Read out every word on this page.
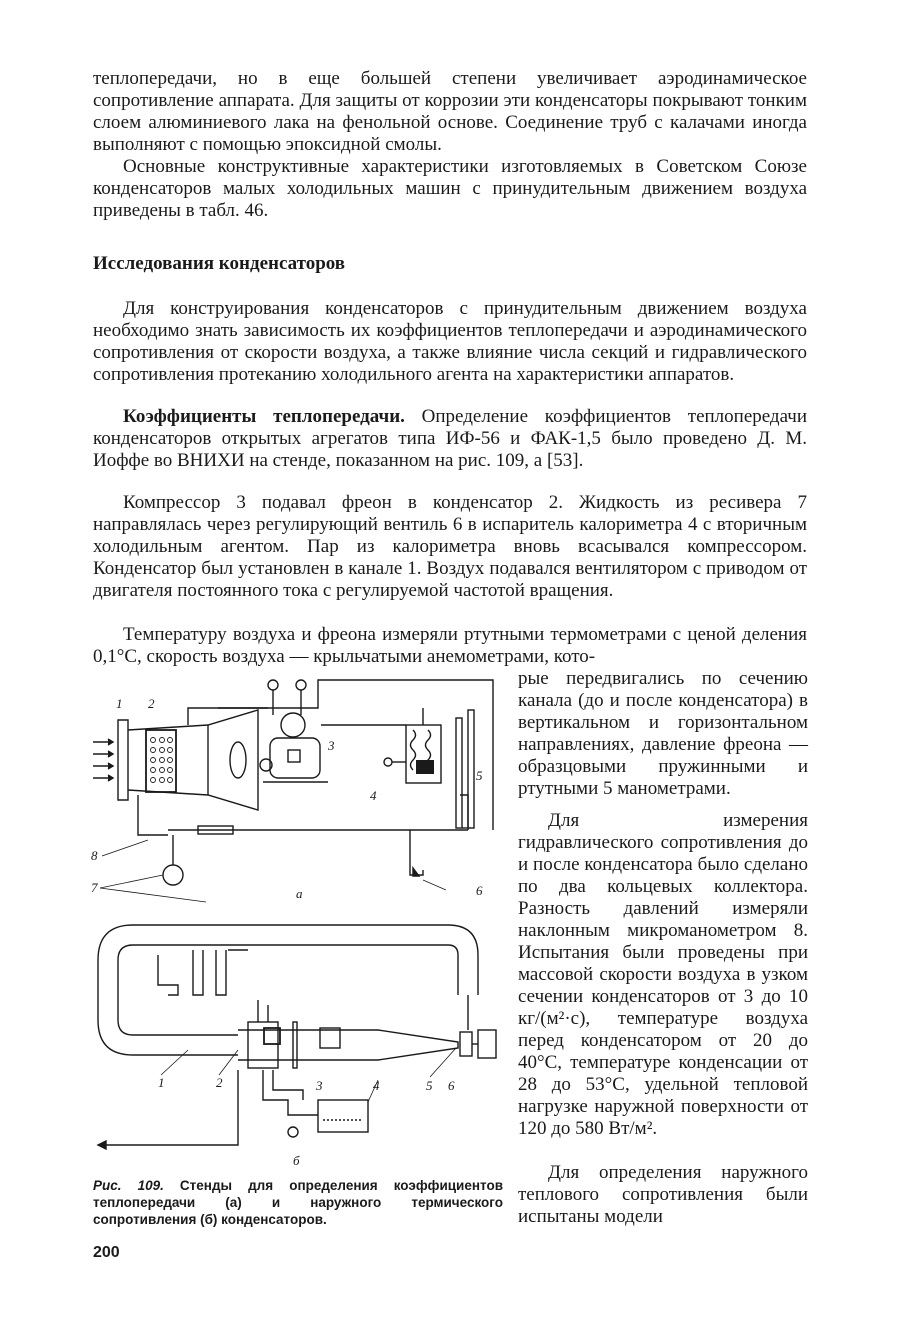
теплопередачи, но в еще большей степени увеличивает аэродинамическое сопротивление аппарата. Для защиты от коррозии эти конденсаторы покрывают тонким слоем алюминиевого лака на фенольной основе. Соединение труб с калачами иногда выполняют с помощью эпоксидной смолы.

Основные конструктивные характеристики изготовляемых в Советском Союзе конденсаторов малых холодильных машин с принудительным движением воздуха приведены в табл. 46.

Исследования конденсаторов

Для конструирования конденсаторов с принудительным движением воздуха необходимо знать зависимость их коэффициентов теплопередачи и аэродинамического сопротивления от скорости воздуха, а также влияние числа секций и гидравлического сопротивления протеканию холодильного агента на характеристики аппаратов.

Коэффициенты теплопередачи. Определение коэффициентов теплопередачи конденсаторов открытых агрегатов типа ИФ-56 и ФАК-1,5 было проведено Д. М. Иоффе во ВНИХИ на стенде, показанном на рис. 109, а [53].

Компрессор 3 подавал фреон в конденсатор 2. Жидкость из ресивера 7 направлялась через регулирующий вентиль 6 в испаритель калориметра 4 с вторичным холодильным агентом. Пар из калориметра вновь всасывался компрессором. Конденсатор был установлен в канале 1. Воздух подавался вентилятором с приводом от двигателя постоянного тока с регулируемой частотой вращения.

Температуру воздуха и фреона измеряли ртутными термометрами с ценой деления 0,1°С, скорость воздуха — крыльчатыми анемометрами, кото-

рые передвигались по сечению канала (до и после конденсатора) в вертикальном и горизонтальном направлениях, давление фреона — образцовыми пружинными и ртутными 5 манометрами.

Для измерения гидравлического сопротивления до и после конденсатора было сделано по два кольцевых коллектора. Разность давлений измеряли наклонным микроманометром 8. Испытания были проведены при массовой скорости воздуха в узком сечении конденсаторов от 3 до 10 кг/(м²·с), температуре воздуха перед конденсатором от 20 до 40°С, температуре конденсации от 28 до 53°С, удельной тепловой нагрузке наружной поверхности от 120 до 580 Вт/м².

Для определения наружного теплового сопротивления были испытаны модели

1 2
3
4
5
6
7
8
а
1	2	3	4	5 6
б

Рис. 109. Стенды для определения коэффициентов теплопередачи (а) и наружного термического сопротивления (б) конденсаторов.

200
